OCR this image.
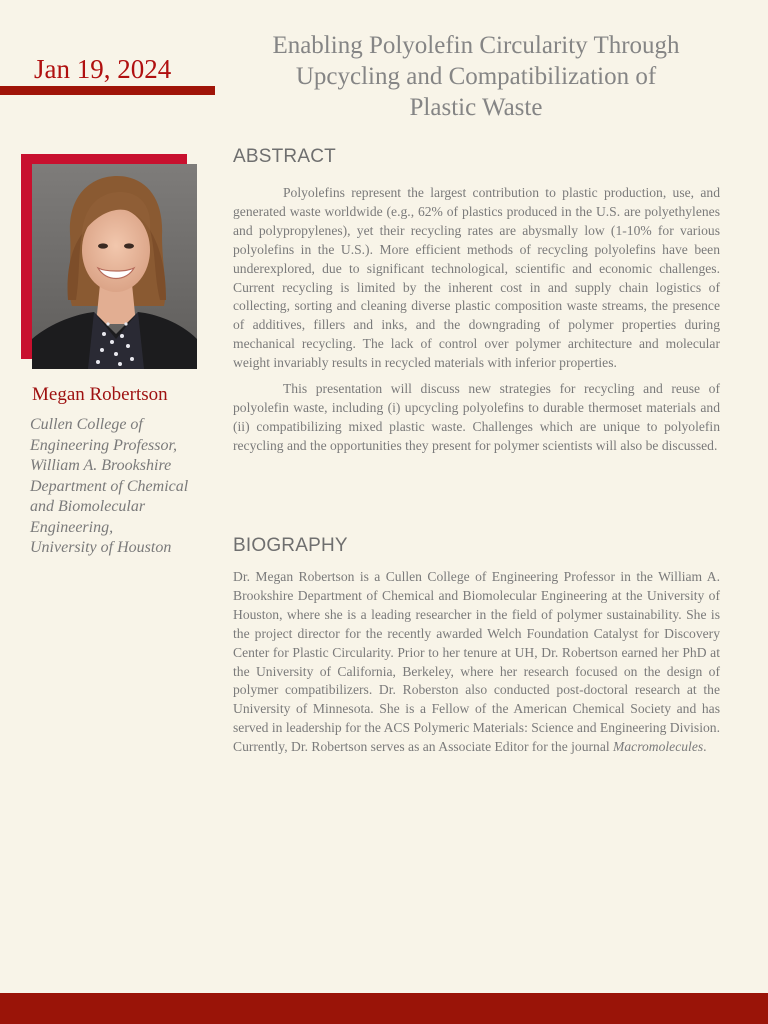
Jan 19, 2024
Enabling Polyolefin Circularity Through
Upcycling and Compatibilization of
Plastic Waste
Megan Robertson
Cullen College of
Engineering Professor,
William A. Brookshire
Department of Chemical
and Biomolecular
Engineering,
University of Houston
ABSTRACT

Polyolefins represent the largest contribution to plastic production, use, and generated waste worldwide (e.g., 62% of plastics produced in the U.S. are polyethylenes and polypropylenes), yet their recycling rates are abysmally low (1-10% for various polyolefins in the U.S.). More efficient methods of recycling polyolefins have been underexplored, due to significant technological, scientific and economic challenges. Current recycling is limited by the inherent cost in and supply chain logistics of collecting, sorting and cleaning diverse plastic composition waste streams, the presence of additives, fillers and inks, and the downgrading of polymer properties during mechanical recycling. The lack of control over polymer architecture and molecular weight invariably results in recycled materials with inferior properties.

This presentation will discuss new strategies for recycling and reuse of polyolefin waste, including (i) upcycling polyolefins to durable thermoset materials and (ii) compatibilizing mixed plastic waste. Challenges which are unique to polyolefin recycling and the opportunities they present for polymer scientists will also be discussed.

BIOGRAPHY

Dr. Megan Robertson is a Cullen College of Engineering Professor in the William A. Brookshire Department of Chemical and Biomolecular Engineering at the University of Houston, where she is a leading researcher in the field of polymer sustainability. She is the project director for the recently awarded Welch Foundation Catalyst for Discovery Center for Plastic Circularity. Prior to her tenure at UH, Dr. Robertson earned her PhD at the University of California, Berkeley, where her research focused on the design of polymer compatibilizers. Dr. Roberston also conducted post-doctoral research at the University of Minnesota. She is a Fellow of the American Chemical Society and has served in leadership for the ACS Polymeric Materials: Science and Engineering Division. Currently, Dr. Robertson serves as an Associate Editor for the journal Macromolecules.
